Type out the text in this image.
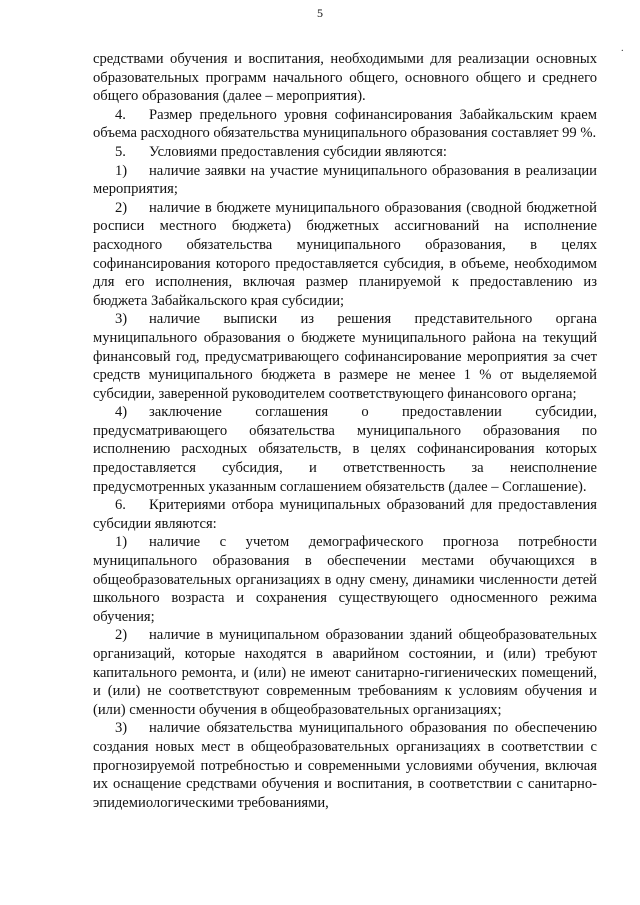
5
·

средствами обучения и воспитания, необходимыми для реализации основных образовательных программ начального общего, основного общего и среднего общего образования (далее – мероприятия).

4. Размер предельного уровня софинансирования Забайкальским краем объема расходного обязательства муниципального образования составляет 99 %.

5. Условиями предоставления субсидии являются:

1) наличие заявки на участие муниципального образования в реализации мероприятия;

2) наличие в бюджете муниципального образования (сводной бюджетной росписи местного бюджета) бюджетных ассигнований на исполнение расходного обязательства муниципального образования, в целях софинансирования которого предоставляется субсидия, в объеме, необходимом для его исполнения, включая размер планируемой к предоставлению из бюджета Забайкальского края субсидии;

3) наличие выписки из решения представительного органа муниципального образования о бюджете муниципального района на текущий финансовый год, предусматривающего софинансирование мероприятия за счет средств муниципального бюджета в размере не менее 1 % от выделяемой субсидии, заверенной руководителем соответствующего финансового органа;

4) заключение соглашения о предоставлении субсидии, предусматривающего обязательства муниципального образования по исполнению расходных обязательств, в целях софинансирования которых предоставляется субсидия, и ответственность за неисполнение предусмотренных указанным соглашением обязательств (далее – Соглашение).

6. Критериями отбора муниципальных образований для предоставления субсидии являются:

1) наличие с учетом демографического прогноза потребности муниципального образования в обеспечении местами обучающихся в общеобразовательных организациях в одну смену, динамики численности детей школьного возраста и сохранения существующего односменного режима обучения;

2) наличие в муниципальном образовании зданий общеобразовательных организаций, которые находятся в аварийном состоянии, и (или) требуют капитального ремонта, и (или) не имеют санитарно-гигиенических помещений, и (или) не соответствуют современным требованиям к условиям обучения и (или) сменности обучения в общеобразовательных организациях;

3) наличие обязательства муниципального образования по обеспечению создания новых мест в общеобразовательных организациях в соответствии с прогнозируемой потребностью и современными условиями обучения, включая их оснащение средствами обучения и воспитания, в соответствии с санитарно-эпидемиологическими требованиями,
